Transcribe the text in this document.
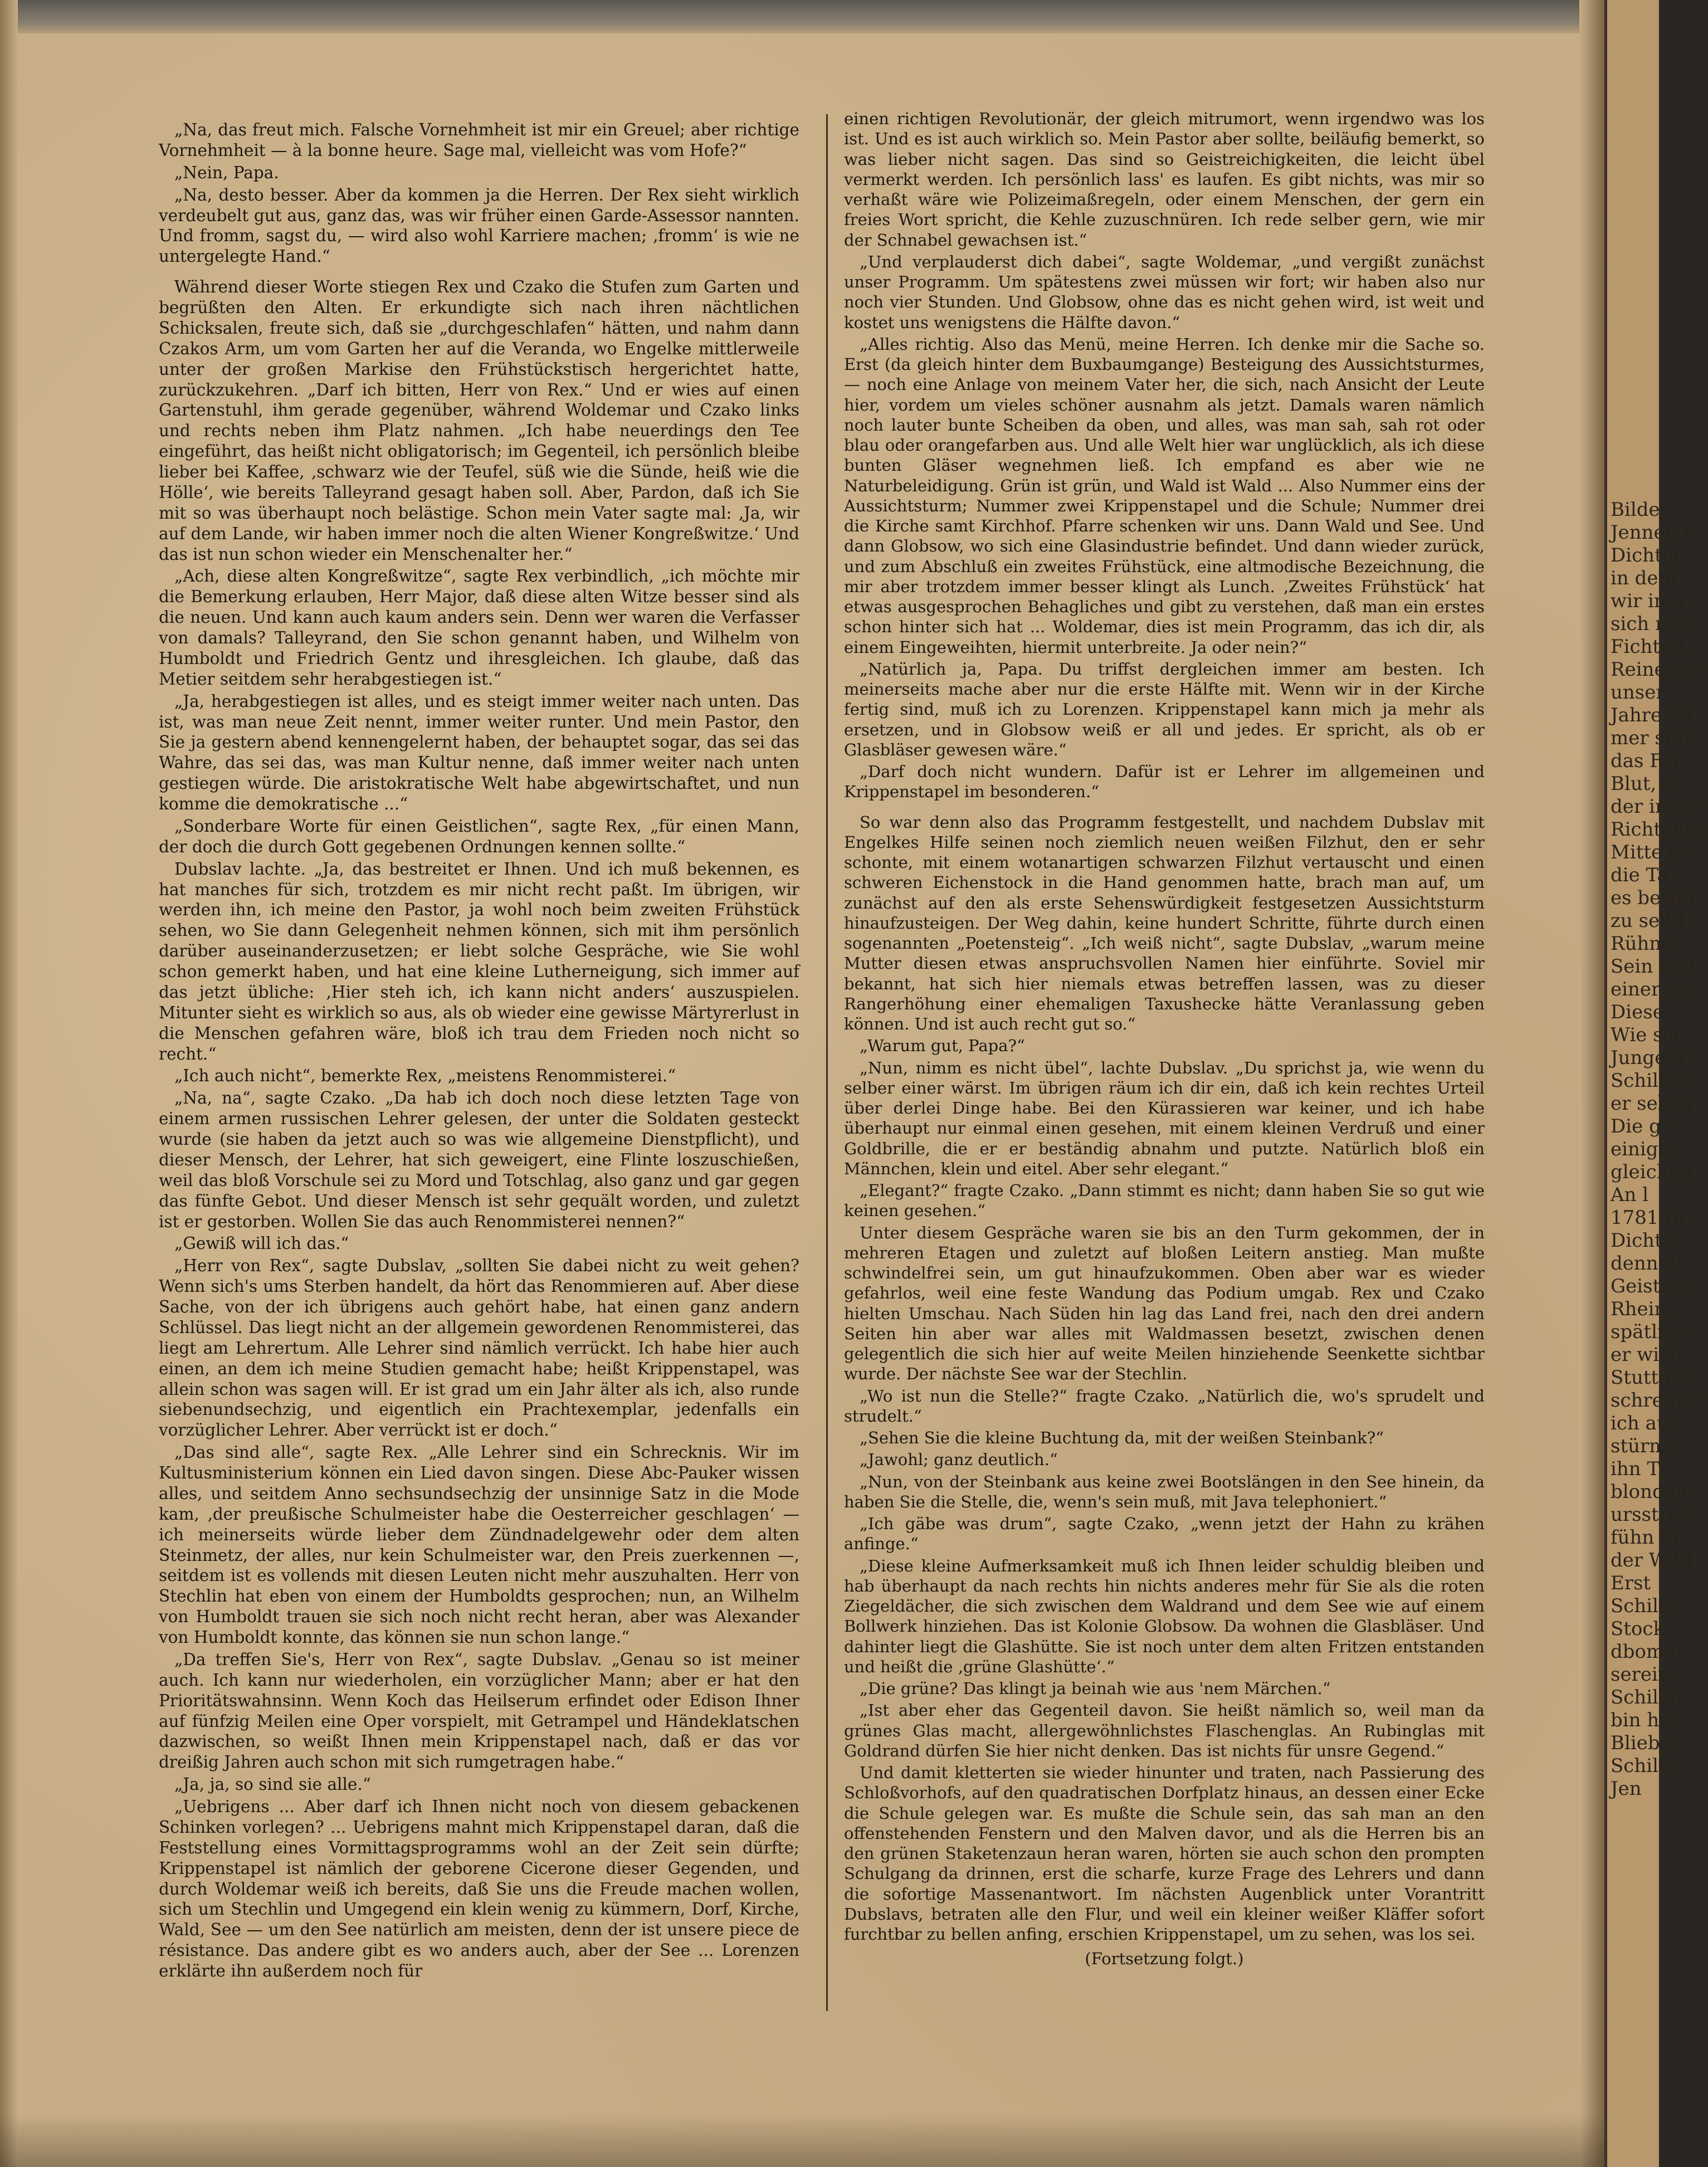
„Na, das freut mich. Falsche Vornehmheit ist mir ein Greuel; aber richtige Vornehmheit — à la bonne heure. Sage mal, vielleicht was vom Hofe?“

„Nein, Papa.

„Na, desto besser. Aber da kommen ja die Herren. Der Rex sieht wirklich verdeubelt gut aus, ganz das, was wir früher einen Garde-Assessor nannten. Und fromm, sagst du, — wird also wohl Karriere machen; ‚fromm‘ is wie ne untergelegte Hand.“

Während dieser Worte stiegen Rex und Czako die Stufen zum Garten und begrüßten den Alten. Er erkundigte sich nach ihren nächtlichen Schicksalen, freute sich, daß sie „durchgeschlafen“ hätten, und nahm dann Czakos Arm, um vom Garten her auf die Veranda, wo Engelke mittlerweile unter der großen Markise den Frühstückstisch hergerichtet hatte, zurückzukehren. „Darf ich bitten, Herr von Rex.“ Und er wies auf einen Gartenstuhl, ihm gerade gegenüber, während Woldemar und Czako links und rechts neben ihm Platz nahmen. „Ich habe neuerdings den Tee eingeführt, das heißt nicht obligatorisch; im Gegenteil, ich persönlich bleibe lieber bei Kaffee, ‚schwarz wie der Teufel, süß wie die Sünde, heiß wie die Hölle‘, wie bereits Talleyrand gesagt haben soll. Aber, Pardon, daß ich Sie mit so was überhaupt noch belästige. Schon mein Vater sagte mal: ‚Ja, wir auf dem Lande, wir haben immer noch die alten Wiener Kongreßwitze.‘ Und das ist nun schon wieder ein Menschenalter her.“

„Ach, diese alten Kongreßwitze“, sagte Rex verbindlich, „ich möchte mir die Bemerkung erlauben, Herr Major, daß diese alten Witze besser sind als die neuen. Und kann auch kaum anders sein. Denn wer waren die Verfasser von damals? Talleyrand, den Sie schon genannt haben, und Wilhelm von Humboldt und Friedrich Gentz und ihresgleichen. Ich glaube, daß das Metier seitdem sehr herabgestiegen ist.“

„Ja, herabgestiegen ist alles, und es steigt immer weiter nach unten. Das ist, was man neue Zeit nennt, immer weiter runter. Und mein Pastor, den Sie ja gestern abend kennengelernt haben, der behauptet sogar, das sei das Wahre, das sei das, was man Kultur nenne, daß immer weiter nach unten gestiegen würde. Die aristokratische Welt habe abgewirtschaftet, und nun komme die demokratische ...“

„Sonderbare Worte für einen Geistlichen“, sagte Rex, „für einen Mann, der doch die durch Gott gegebenen Ordnungen kennen sollte.“

Dubslav lachte. „Ja, das bestreitet er Ihnen. Und ich muß bekennen, es hat manches für sich, trotzdem es mir nicht recht paßt. Im übrigen, wir werden ihn, ich meine den Pastor, ja wohl noch beim zweiten Frühstück sehen, wo Sie dann Gelegenheit nehmen können, sich mit ihm persönlich darüber auseinanderzusetzen; er liebt solche Gespräche, wie Sie wohl schon gemerkt haben, und hat eine kleine Lutherneigung, sich immer auf das jetzt übliche: ‚Hier steh ich, ich kann nicht anders‘ auszuspielen. Mitunter sieht es wirklich so aus, als ob wieder eine gewisse Märtyrerlust in die Menschen gefahren wäre, bloß ich trau dem Frieden noch nicht so recht.“

„Ich auch nicht“, bemerkte Rex, „meistens Renommisterei.“

„Na, na“, sagte Czako. „Da hab ich doch noch diese letzten Tage von einem armen russischen Lehrer gelesen, der unter die Soldaten gesteckt wurde (sie haben da jetzt auch so was wie allgemeine Dienstpflicht), und dieser Mensch, der Lehrer, hat sich geweigert, eine Flinte loszuschießen, weil das bloß Vorschule sei zu Mord und Totschlag, also ganz und gar gegen das fünfte Gebot. Und dieser Mensch ist sehr gequält worden, und zuletzt ist er gestorben. Wollen Sie das auch Renommisterei nennen?“

„Gewiß will ich das.“

„Herr von Rex“, sagte Dubslav, „sollten Sie dabei nicht zu weit gehen? Wenn sich's ums Sterben handelt, da hört das Renommieren auf. Aber diese Sache, von der ich übrigens auch gehört habe, hat einen ganz andern Schlüssel. Das liegt nicht an der allgemein gewordenen Renommisterei, das liegt am Lehrertum. Alle Lehrer sind nämlich verrückt. Ich habe hier auch einen, an dem ich meine Studien gemacht habe; heißt Krippenstapel, was allein schon was sagen will. Er ist grad um ein Jahr älter als ich, also runde siebenundsechzig, und eigentlich ein Prachtexemplar, jedenfalls ein vorzüglicher Lehrer. Aber verrückt ist er doch.“

„Das sind alle“, sagte Rex. „Alle Lehrer sind ein Schrecknis. Wir im Kultusministerium können ein Lied davon singen. Diese Abc-Pauker wissen alles, und seitdem Anno sechsundsechzig der unsinnige Satz in die Mode kam, ‚der preußische Schulmeister habe die Oesterreicher geschlagen‘ — ich meinerseits würde lieber dem Zündnadelgewehr oder dem alten Steinmetz, der alles, nur kein Schulmeister war, den Preis zuerkennen —, seitdem ist es vollends mit diesen Leuten nicht mehr auszuhalten. Herr von Stechlin hat eben von einem der Humboldts gesprochen; nun, an Wilhelm von Humboldt trauen sie sich noch nicht recht heran, aber was Alexander von Humboldt konnte, das können sie nun schon lange.“

„Da treffen Sie's, Herr von Rex“, sagte Dubslav. „Genau so ist meiner auch. Ich kann nur wiederholen, ein vorzüglicher Mann; aber er hat den Prioritätswahnsinn. Wenn Koch das Heilserum erfindet oder Edison Ihner auf fünfzig Meilen eine Oper vorspielt, mit Getrampel und Händeklatschen dazwischen, so weißt Ihnen mein Krippenstapel nach, daß er das vor dreißig Jahren auch schon mit sich rumgetragen habe.“

„Ja, ja, so sind sie alle.“

„Uebrigens ... Aber darf ich Ihnen nicht noch von diesem gebackenen Schinken vorlegen? ... Uebrigens mahnt mich Krippenstapel daran, daß die Feststellung eines Vormittagsprogramms wohl an der Zeit sein dürfte; Krippenstapel ist nämlich der geborene Cicerone dieser Gegenden, und durch Woldemar weiß ich bereits, daß Sie uns die Freude machen wollen, sich um Stechlin und Umgegend ein klein wenig zu kümmern, Dorf, Kirche, Wald, See — um den See natürlich am meisten, denn der ist unsere piece de résistance. Das andere gibt es wo anders auch, aber der See ... Lorenzen erklärte ihn außerdem noch für

einen richtigen Revolutionär, der gleich mitrumort, wenn irgendwo was los ist. Und es ist auch wirklich so. Mein Pastor aber sollte, beiläufig bemerkt, so was lieber nicht sagen. Das sind so Geistreichigkeiten, die leicht übel vermerkt werden. Ich persönlich lass' es laufen. Es gibt nichts, was mir so verhaßt wäre wie Polizeimaßregeln, oder einem Menschen, der gern ein freies Wort spricht, die Kehle zuzuschnüren. Ich rede selber gern, wie mir der Schnabel gewachsen ist.“

„Und verplauderst dich dabei“, sagte Woldemar, „und vergißt zunächst unser Programm. Um spätestens zwei müssen wir fort; wir haben also nur noch vier Stunden. Und Globsow, ohne das es nicht gehen wird, ist weit und kostet uns wenigstens die Hälfte davon.“

„Alles richtig. Also das Menü, meine Herren. Ich denke mir die Sache so. Erst (da gleich hinter dem Buxbaumgange) Besteigung des Aussichtsturmes, — noch eine Anlage von meinem Vater her, die sich, nach Ansicht der Leute hier, vordem um vieles schöner ausnahm als jetzt. Damals waren nämlich noch lauter bunte Scheiben da oben, und alles, was man sah, sah rot oder blau oder orangefarben aus. Und alle Welt hier war unglücklich, als ich diese bunten Gläser wegnehmen ließ. Ich empfand es aber wie ne Naturbeleidigung. Grün ist grün, und Wald ist Wald ... Also Nummer eins der Aussichtsturm; Nummer zwei Krippenstapel und die Schule; Nummer drei die Kirche samt Kirchhof. Pfarre schenken wir uns. Dann Wald und See. Und dann Globsow, wo sich eine Glasindustrie befindet. Und dann wieder zurück, und zum Abschluß ein zweites Frühstück, eine altmodische Bezeichnung, die mir aber trotzdem immer besser klingt als Lunch. ‚Zweites Frühstück‘ hat etwas ausgesprochen Behagliches und gibt zu verstehen, daß man ein erstes schon hinter sich hat ... Woldemar, dies ist mein Programm, das ich dir, als einem Eingeweihten, hiermit unterbreite. Ja oder nein?“

„Natürlich ja, Papa. Du triffst dergleichen immer am besten. Ich meinerseits mache aber nur die erste Hälfte mit. Wenn wir in der Kirche fertig sind, muß ich zu Lorenzen. Krippenstapel kann mich ja mehr als ersetzen, und in Globsow weiß er all und jedes. Er spricht, als ob er Glasbläser gewesen wäre.“

„Darf doch nicht wundern. Dafür ist er Lehrer im allgemeinen und Krippenstapel im besonderen.“

So war denn also das Programm festgestellt, und nachdem Dubslav mit Engelkes Hilfe seinen noch ziemlich neuen weißen Filzhut, den er sehr schonte, mit einem wotanartigen schwarzen Filzhut vertauscht und einen schweren Eichenstock in die Hand genommen hatte, brach man auf, um zunächst auf den als erste Sehenswürdigkeit festgesetzen Aussichtsturm hinaufzusteigen. Der Weg dahin, keine hundert Schritte, führte durch einen sogenannten „Poetensteig“. „Ich weiß nicht“, sagte Dubslav, „warum meine Mutter diesen etwas anspruchsvollen Namen hier einführte. Soviel mir bekannt, hat sich hier niemals etwas betreffen lassen, was zu dieser Rangerhöhung einer ehemaligen Taxushecke hätte Veranlassung geben können. Und ist auch recht gut so.“

„Warum gut, Papa?“

„Nun, nimm es nicht übel“, lachte Dubslav. „Du sprichst ja, wie wenn du selber einer wärst. Im übrigen räum ich dir ein, daß ich kein rechtes Urteil über derlei Dinge habe. Bei den Kürassieren war keiner, und ich habe überhaupt nur einmal einen gesehen, mit einem kleinen Verdruß und einer Goldbrille, die er er beständig abnahm und putzte. Natürlich bloß ein Männchen, klein und eitel. Aber sehr elegant.“

„Elegant?“ fragte Czako. „Dann stimmt es nicht; dann haben Sie so gut wie keinen gesehen.“

Unter diesem Gespräche waren sie bis an den Turm gekommen, der in mehreren Etagen und zuletzt auf bloßen Leitern anstieg. Man mußte schwindelfrei sein, um gut hinaufzukommen. Oben aber war es wieder gefahrlos, weil eine feste Wandung das Podium umgab. Rex und Czako hielten Umschau. Nach Süden hin lag das Land frei, nach den drei andern Seiten hin aber war alles mit Waldmassen besetzt, zwischen denen gelegentlich die sich hier auf weite Meilen hinziehende Seenkette sichtbar wurde. Der nächste See war der Stechlin.

„Wo ist nun die Stelle?“ fragte Czako. „Natürlich die, wo's sprudelt und strudelt.“

„Sehen Sie die kleine Buchtung da, mit der weißen Steinbank?“

„Jawohl; ganz deutlich.“

„Nun, von der Steinbank aus keine zwei Bootslängen in den See hinein, da haben Sie die Stelle, die, wenn's sein muß, mit Java telephoniert.“

„Ich gäbe was drum“, sagte Czako, „wenn jetzt der Hahn zu krähen anfinge.“

„Diese kleine Aufmerksamkeit muß ich Ihnen leider schuldig bleiben und hab überhaupt da nach rechts hin nichts anderes mehr für Sie als die roten Ziegeldächer, die sich zwischen dem Waldrand und dem See wie auf einem Bollwerk hinziehen. Das ist Kolonie Globsow. Da wohnen die Glasbläser. Und dahinter liegt die Glashütte. Sie ist noch unter dem alten Fritzen entstanden und heißt die ‚grüne Glashütte‘.“

„Die grüne? Das klingt ja beinah wie aus 'nem Märchen.“

„Ist aber eher das Gegenteil davon. Sie heißt nämlich so, weil man da grünes Glas macht, allergewöhnlichstes Flaschenglas. An Rubinglas mit Goldrand dürfen Sie hier nicht denken. Das ist nichts für unsre Gegend.“

Und damit kletterten sie wieder hinunter und traten, nach Passierung des Schloßvorhofs, auf den quadratischen Dorfplatz hinaus, an dessen einer Ecke die Schule gelegen war. Es mußte die Schule sein, das sah man an den offenstehenden Fenstern und den Malven davor, und als die Herren bis an den grünen Staketenzaun heran waren, hörten sie auch schon den prompten Schulgang da drinnen, erst die scharfe, kurze Frage des Lehrers und dann die sofortige Massenantwort. Im nächsten Augenblick unter Vorantritt Dubslavs, betraten alle den Flur, und weil ein kleiner weißer Kläffer sofort furchtbar zu bellen anfing, erschien Krippenstapel, um zu sehen, was los sei.

(Fortsetzung folgt.)

Bilder
Jennen w
Dichter
in dem
wir in u
sich nah
Fichteit,
Reineswe
unser
Jahre 18
mer stol
das Fer
Blut, di
der imme
Richtende
Mitte de
die Ta
es bewei
zu selbf
Rühne
Sein heil
einer au
Diese
Wie sch
Jungent
Schillert
er seltsa
Die gr
einigt f
gleichen
An l
1781 In
Dichter
denn ol
Geist un
Rhein,
spätlich
er wich
Stuttgar
schreiber
ich auf
stürme
ihn Tr
blonden
ursstret
fühn hi
der Wild
Erst
Schiller
Stock
dbom o
sereins
Schiller
bin hat
Bliebes,
Schiller
Jen
